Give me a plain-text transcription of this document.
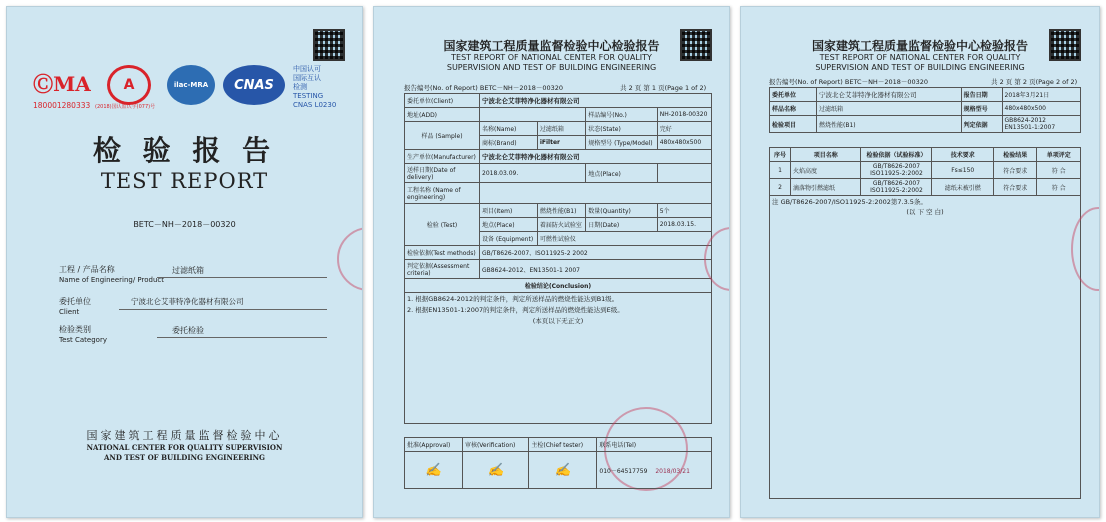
ⒸMA
180001280333
A
(2018)国认监认字(077)号
ilac-MRA CNAS
中国认可
国际互认
检测
TESTING
CNAS L0230
检 验 报 告
TEST REPORT
BETC－NH－2018－00320
工程 / 产品名称
Name of Engineering/ Product
过滤纸箱
委托单位
Client
宁波北仑艾菲特净化器材有限公司
检验类别
Test Category
委托检验
国家建筑工程质量监督检验中心
NATIONAL CENTER FOR QUALITY SUPERVISION
AND TEST OF BUILDING ENGINEERING
国家建筑工程质量监督检验中心检验报告
TEST REPORT OF NATIONAL CENTER FOR QUALITY
SUPERVISION AND TEST OF BUILDING ENGINEERING
报告编号(No. of Report) BETC－NH－2018－00320	共 2 页 第 1 页(Page 1 of 2)
委托单位(Client)	宁波北仑艾菲特净化器材有限公司			
地址(ADD)			样品编号(No.)	NH-2018-00320
样品 (Sample)	名称(Name)	过滤纸箱	状态(State)	完好
	商标(Brand)	iFilter	规格型号 (Type/Model)	480x480x500
生产单位(Manufacturer)	宁波北仑艾菲特净化器材有限公司			
送样日期(Date of delivery)	2018.03.09.		地点(Place)	
工程名称 (Name of engineering)				
检验 (Test)	项目(Item)	燃烧性能(B1)	数量(Quantity)	5个
	地点(Place)	着届防火试验室	日期(Date)	2018.03.15.
	设备 (Equipment)	可燃性试验仪		
检验依据(Test methods)	GB/T8626-2007、ISO11925-2 2002			
判定依据(Assessment criteria)	GB8624-2012、EN13501-1 2007			
检验结论(Conclusion)				

1. 根据GB8624-2012的判定条件，判定所送样品的燃烧性能达到B1级。
2. 根据EN13501-1:2007的判定条件，判定所送样品的燃烧性能达到E级。
(本页以下无正文)				
批准(Approval)	审核(Verification)	主检(Chief tester)	联系电话(Tel)
✍	✍	✍	010－64517759 2018/03/21
国家建筑工程质量监督检验中心检验报告
TEST REPORT OF NATIONAL CENTER FOR QUALITY
SUPERVISION AND TEST OF BUILDING ENGINEERING
报告编号(No. of Report) BETC－NH－2018－00320	共 2 页 第 2 页(Page 2 of 2)
委托单位	宁波北仑艾菲特净化器材有限公司	报告日期	2018年3月21日
样品名称	过滤纸箱	规格型号	480x480x500
检验项目	燃烧性能(B1)	判定依据	GB8624-2012
EN13501-1:2007
序号	项目名称	检验依据（试验标准）	技术要求	检验结果	单项评定
1	火焰高度	GB/T8626-2007
ISO11925-2:2002	Fs≤150	符合要求	符 合
2	滴落物引燃滤纸	GB/T8626-2007
ISO11925-2:2002	滤纸未被引燃	符合要求	符 合

注 GB/T8626-2007/ISO11925-2:2002第7.3.5条。
(以 下 空 白)					
